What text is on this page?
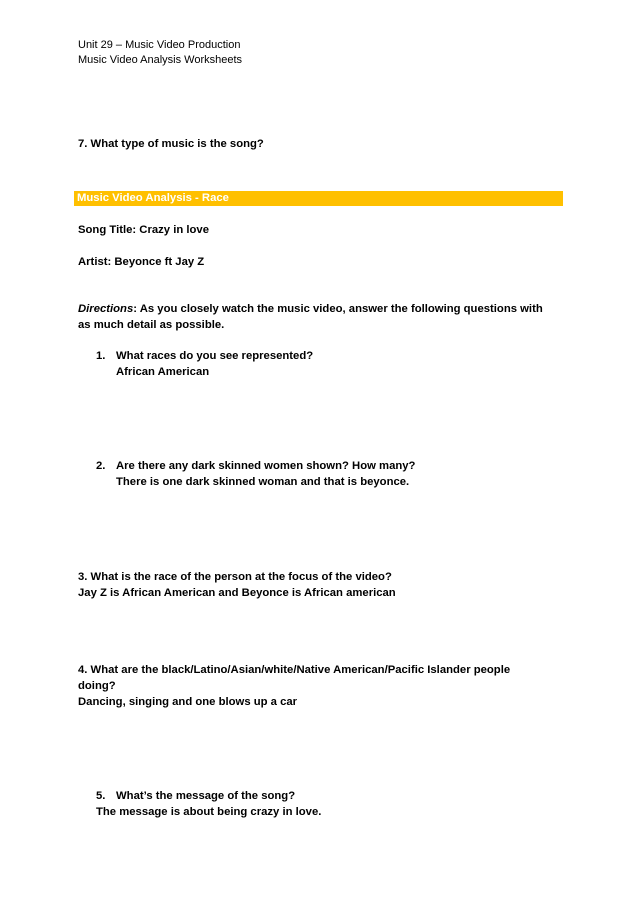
Unit 29 – Music Video Production
Music Video Analysis Worksheets
7. What type of music is the song?
Music Video Analysis - Race
Song Title: Crazy in love
Artist: Beyonce ft Jay Z
Directions: As you closely watch the music video, answer the following questions with
as much detail as possible.
1. What races do you see represented?
African American
2. Are there any dark skinned women shown? How many?
There is one dark skinned woman and that is beyonce.
3. What is the race of the person at the focus of the video?
Jay Z is African American and Beyonce is African american
4. What are the black/Latino/Asian/white/Native American/Pacific Islander people
doing?
Dancing, singing and one blows up a car
5. What’s the message of the song?
The message is about being crazy in love.
